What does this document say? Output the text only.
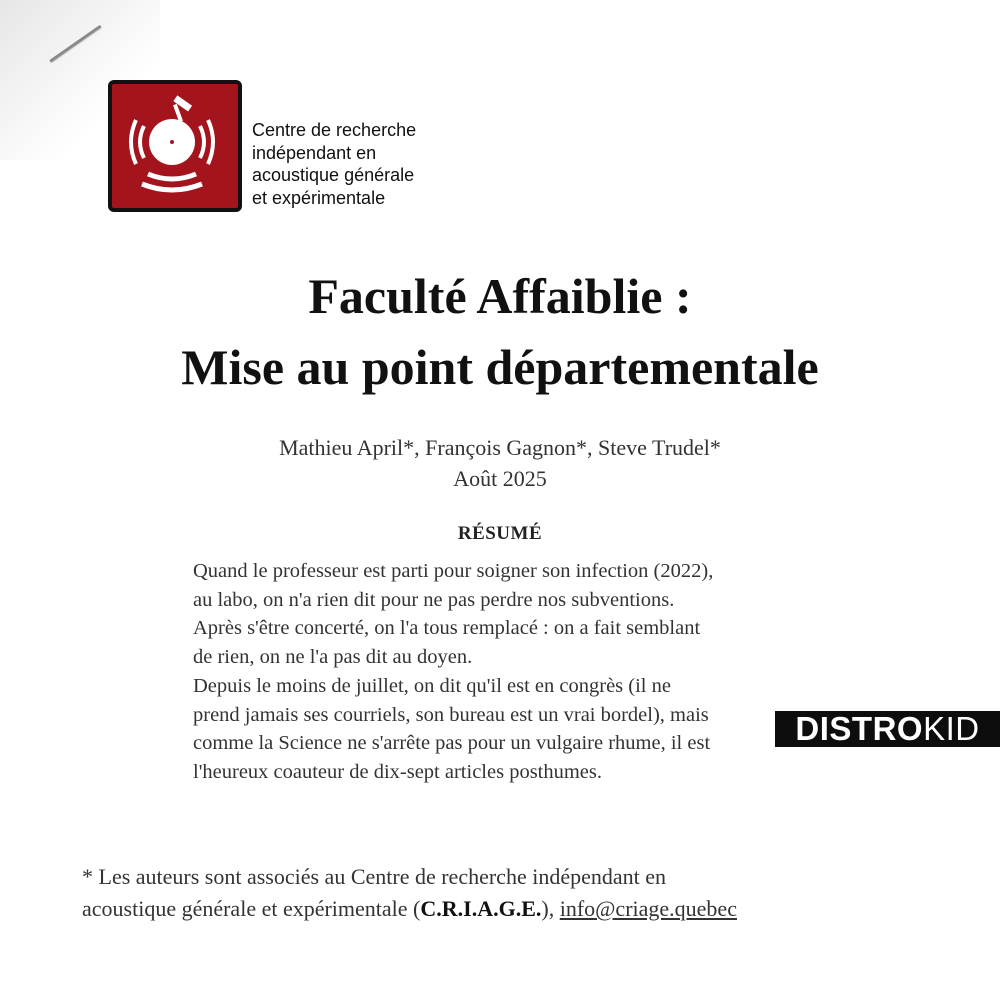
Centre de recherche
indépendant en
acoustique générale
et expérimentale

Faculté Affaiblie :
Mise au point départementale
Mathieu April*, François Gagnon*, Steve Trudel*
Août 2025
RÉSUMÉ

Quand le professeur est parti pour soigner son infection (2022),
au labo, on n'a rien dit pour ne pas perdre nos subventions.
Après s'être concerté, on l'a tous remplacé : on a fait semblant
de rien, on ne l'a pas dit au doyen.
Depuis le moins de juillet, on dit qu'il est en congrès (il ne
prend jamais ses courriels, son bureau est un vrai bordel), mais
comme la Science ne s'arrête pas pour un vulgaire rhume, il est
l'heureux coauteur de dix-sept articles posthumes.

DISTROKID

* Les auteurs sont associés au Centre de recherche indépendant en
acoustique générale et expérimentale (C.R.I.A.G.E.), info@criage.quebec
